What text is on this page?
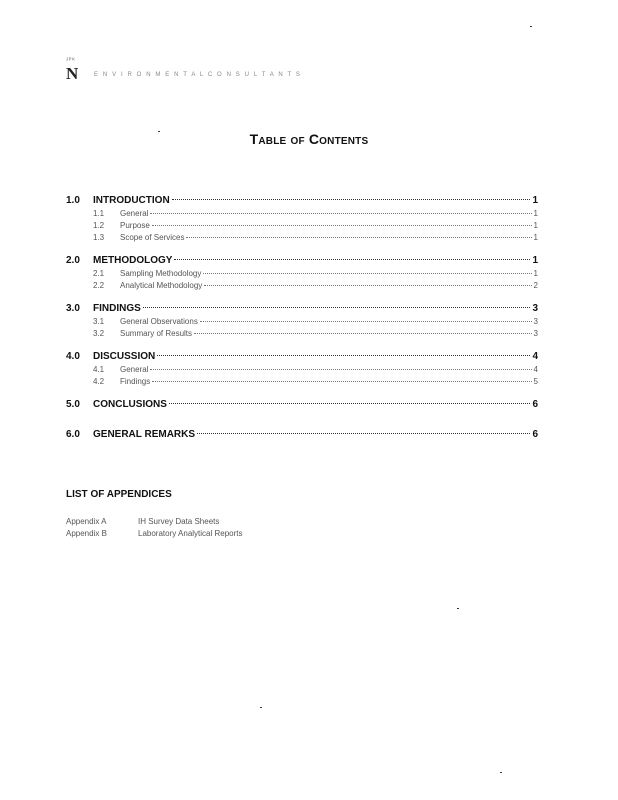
ᴶᴾᴷ
N	E N V I R O N M E N T A L C O N S U L T A N T S
Table of Contents
1.0	INTRODUCTION	1
1.1	General	1
1.2	Purpose	1
1.3	Scope of Services	1
2.0	METHODOLOGY	1
2.1	Sampling Methodology	1
2.2	Analytical Methodology	2
3.0	FINDINGS	3
3.1	General Observations	3
3.2	Summary of Results	3
4.0	DISCUSSION	4
4.1	General	4
4.2	Findings	5
5.0	CONCLUSIONS	6
6.0	GENERAL REMARKS	6
LIST OF APPENDICES
Appendix A	IH Survey Data Sheets
Appendix B	Laboratory Analytical Reports
